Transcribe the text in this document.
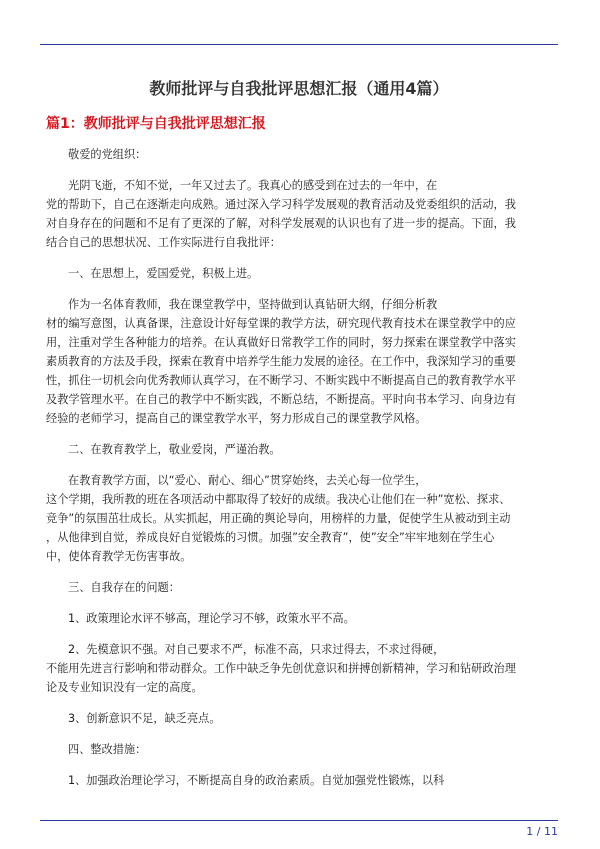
教师批评与自我批评思想汇报（通用4篇）
篇1：教师批评与自我批评思想汇报

敬爱的党组织：

光阴飞逝，不知不觉，一年又过去了。我真心的感受到在过去的一年中，在
党的帮助下，自己在逐渐走向成熟。通过深入学习科学发展观的教育活动及党委组织的活动，我
对自身存在的问题和不足有了更深的了解，对科学发展观的认识也有了进一步的提高。下面，我
结合自己的思想状况、工作实际进行自我批评：

一、在思想上，爱国爱党，积极上进。

作为一名体育教师，我在课堂教学中，坚持做到认真钻研大纲，仔细分析教
材的编写意图，认真备课，注意设计好每堂课的教学方法，研究现代教育技术在课堂教学中的应
用，注重对学生各种能力的培养。在认真做好日常教学工作的同时，努力探索在课堂教学中落实
素质教育的方法及手段，探索在教育中培养学生能力发展的途径。在工作中，我深知学习的重要
性，抓住一切机会向优秀教师认真学习，在不断学习、不断实践中不断提高自己的教育教学水平
及教学管理水平。在自己的教学中不断实践，不断总结，不断提高。平时向书本学习、向身边有
经验的老师学习，提高自己的课堂教学水平，努力形成自己的课堂教学风格。

二、在教育教学上，敬业爱岗，严谨治教。

在教育教学方面，以“爱心、耐心、细心”贯穿始终，去关心每一位学生，
这个学期，我所教的班在各项活动中都取得了较好的成绩。我决心让他们在一种”宽松、探求、
竞争”的氛围茁壮成长。从实抓起，用正确的舆论导向，用榜样的力量，促使学生从被动到主动
，从他律到自觉，养成良好自觉锻炼的习惯。加强”安全教育”，使”安全”牢牢地刻在学生心
中，使体育教学无伤害事故。

三、自我存在的问题：

1、政策理论水评不够高，理论学习不够，政策水平不高。

2、先模意识不强。对自己要求不严，标准不高，只求过得去，不求过得硬，
不能用先进言行影响和带动群众。工作中缺乏争先创优意识和拼搏创新精神，学习和钻研政治理
论及专业知识没有一定的高度。

3、创新意识不足，缺乏亮点。

四、整改措施：

1、加强政治理论学习，不断提高自身的政治素质。自觉加强党性锻炼，以科

1 / 11
